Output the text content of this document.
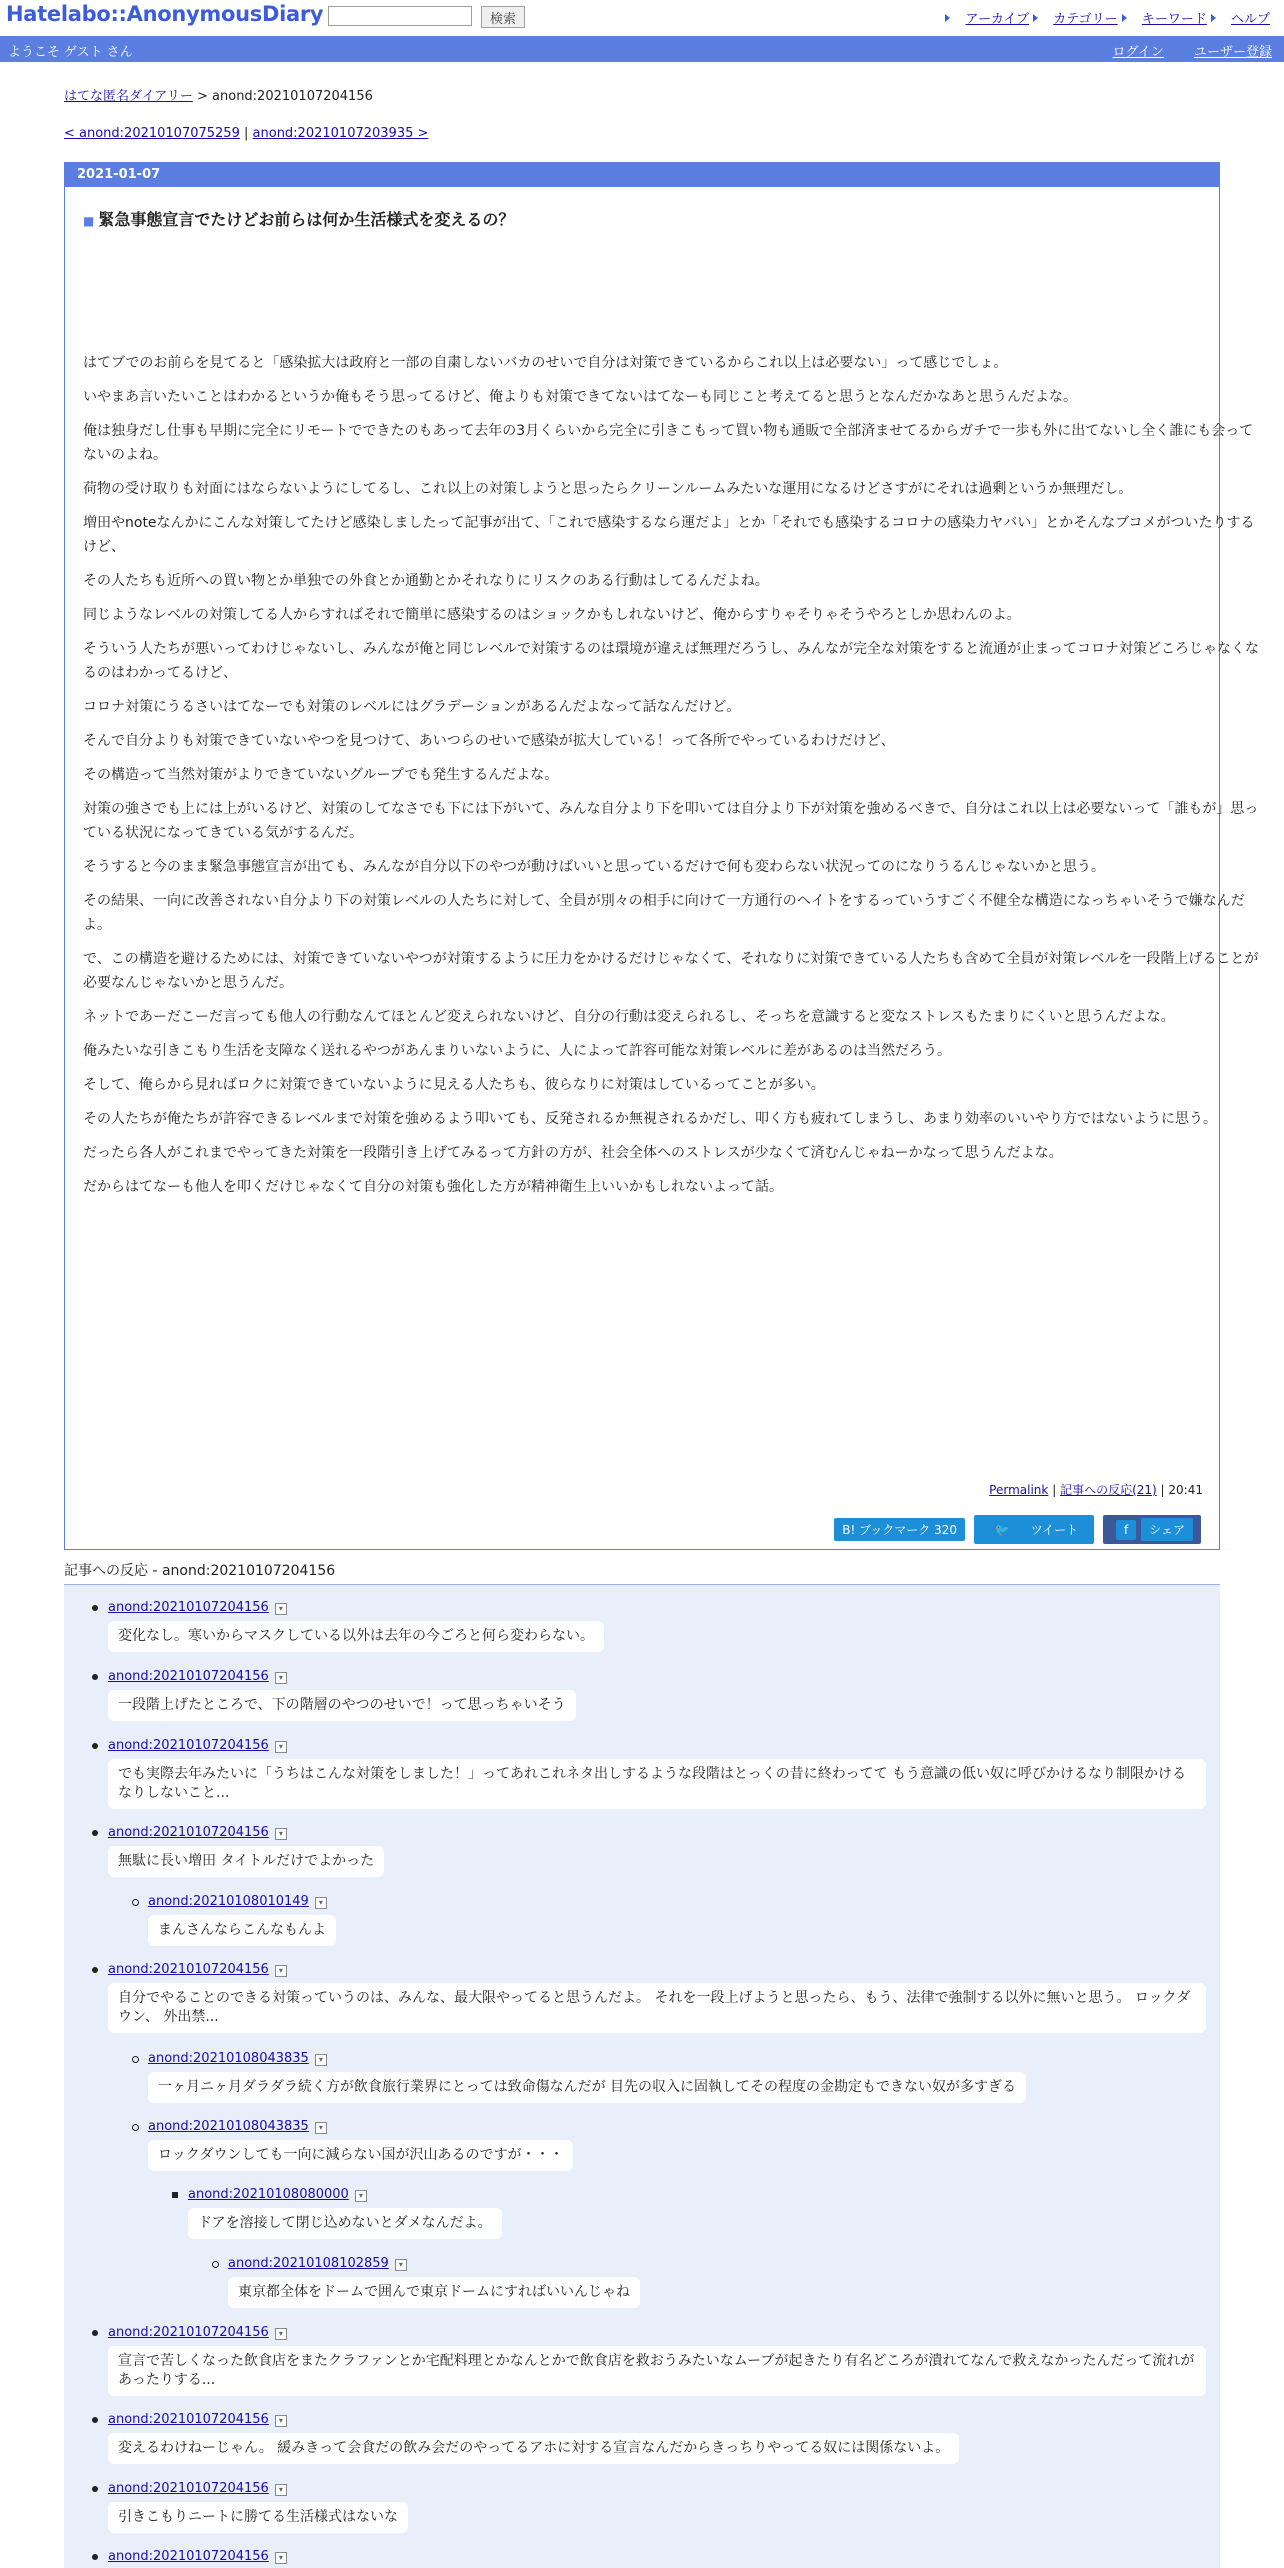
Hatelabo::AnonymousDiary	検索	アーカイブ カテゴリー キーワード ヘルプ
ようこそ ゲスト さん	ログイン ユーザー登録
はてな匿名ダイアリー > anond:20210107204156
< anond:20210107075259 | anond:20210107203935 >
2021-01-07
■ 緊急事態宣言でたけどお前らは何か生活様式を変えるの？

はてブでのお前らを見てると「感染拡大は政府と一部の自粛しないバカのせいで自分は対策できているからこれ以上は必要ない」って感じでしょ。

いやまあ言いたいことはわかるというか俺もそう思ってるけど、俺よりも対策できてないはてなーも同じこと考えてると思うとなんだかなあと思うんだよな。

俺は独身だし仕事も早期に完全にリモートでできたのもあって去年の3月くらいから完全に引きこもって買い物も通販で全部済ませてるからガチで一歩も外に出てないし全く誰にも会ってないのよね。

荷物の受け取りも対面にはならないようにしてるし、これ以上の対策しようと思ったらクリーンルームみたいな運用になるけどさすがにそれは過剰というか無理だし。

増田やnoteなんかにこんな対策してたけど感染しましたって記事が出て、「これで感染するなら運だよ」とか「それでも感染するコロナの感染力ヤバい」とかそんなブコメがついたりするけど、

その人たちも近所への買い物とか単独での外食とか通勤とかそれなりにリスクのある行動はしてるんだよね。

同じようなレベルの対策してる人からすればそれで簡単に感染するのはショックかもしれないけど、俺からすりゃそりゃそうやろとしか思わんのよ。

そういう人たちが悪いってわけじゃないし、みんなが俺と同じレベルで対策するのは環境が違えば無理だろうし、みんなが完全な対策をすると流通が止まってコロナ対策どころじゃなくなるのはわかってるけど、

コロナ対策にうるさいはてなーでも対策のレベルにはグラデーションがあるんだよなって話なんだけど。

そんで自分よりも対策できていないやつを見つけて、あいつらのせいで感染が拡大している！って各所でやっているわけだけど、

その構造って当然対策がよりできていないグループでも発生するんだよな。

対策の強さでも上には上がいるけど、対策のしてなさでも下には下がいて、みんな自分より下を叩いては自分より下が対策を強めるべきで、自分はこれ以上は必要ないって「誰もが」思っている状況になってきている気がするんだ。

そうすると今のまま緊急事態宣言が出ても、みんなが自分以下のやつが動けばいいと思っているだけで何も変わらない状況ってのになりうるんじゃないかと思う。

その結果、一向に改善されない自分より下の対策レベルの人たちに対して、全員が別々の相手に向けて一方通行のヘイトをするっていうすごく不健全な構造になっちゃいそうで嫌なんだよ。

で、この構造を避けるためには、対策できていないやつが対策するように圧力をかけるだけじゃなくて、それなりに対策できている人たちも含めて全員が対策レベルを一段階上げることが必要なんじゃないかと思うんだ。

ネットであーだこーだ言っても他人の行動なんてほとんど変えられないけど、自分の行動は変えられるし、そっちを意識すると変なストレスもたまりにくいと思うんだよな。

俺みたいな引きこもり生活を支障なく送れるやつがあんまりいないように、人によって許容可能な対策レベルに差があるのは当然だろう。

そして、俺らから見ればロクに対策できていないように見える人たちも、彼らなりに対策はしているってことが多い。

その人たちが俺たちが許容できるレベルまで対策を強めるよう叩いても、反発されるか無視されるかだし、叩く方も疲れてしまうし、あまり効率のいいやり方ではないように思う。

だったら各人がこれまでやってきた対策を一段階引き上げてみるって方針の方が、社会全体へのストレスが少なくて済むんじゃねーかなって思うんだよな。

だからはてなーも他人を叩くだけじゃなくて自分の対策も強化した方が精神衛生上いいかもしれないよって話。

Permalink | 記事への反応(21) | 20:41
B! ブックマーク 320	🐦ツイート	fシェア
記事への反応 - anond:20210107204156
anond:20210107204156 ▾
変化なし。寒いからマスクしている以外は去年の今ごろと何ら変わらない。
anond:20210107204156 ▾
一段階上げたところで、下の階層のやつのせいで！って思っちゃいそう
anond:20210107204156 ▾
でも実際去年みたいに「うちはこんな対策をしました！」ってあれこれネタ出しするような段階はとっくの昔に終わってて もう意識の低い奴に呼びかけるなり制限かけるなりしないこと...
anond:20210107204156 ▾
無駄に長い増田 タイトルだけでよかった
anond:20210108010149 ▾
まんさんならこんなもんよ
anond:20210107204156 ▾
自分でやることのできる対策っていうのは、みんな、最大限やってると思うんだよ。 それを一段上げようと思ったら、もう、法律で強制する以外に無いと思う。 ロックダウン、 外出禁...
anond:20210108043835 ▾
一ヶ月ニヶ月ダラダラ続く方が飲食旅行業界にとっては致命傷なんだが 目先の収入に固執してその程度の金勘定もできない奴が多すぎる
anond:20210108043835 ▾
ロックダウンしても一向に減らない国が沢山あるのですが・・・
anond:20210108080000 ▾
ドアを溶接して閉じ込めないとダメなんだよ。
anond:20210108102859 ▾
東京都全体をドームで囲んで東京ドームにすればいいんじゃね
anond:20210107204156 ▾
宣言で苦しくなった飲食店をまたクラファンとか宅配料理とかなんとかで飲食店を救おうみたいなムーブが起きたり有名どころが潰れてなんで救えなかったんだって流れがあったりする...
anond:20210107204156 ▾
変えるわけねーじゃん。 緩みきって会食だの飲み会だのやってるアホに対する宣言なんだからきっちりやってる奴には関係ないよ。
anond:20210107204156 ▾
引きこもりニートに勝てる生活様式はないな
anond:20210107204156 ▾
